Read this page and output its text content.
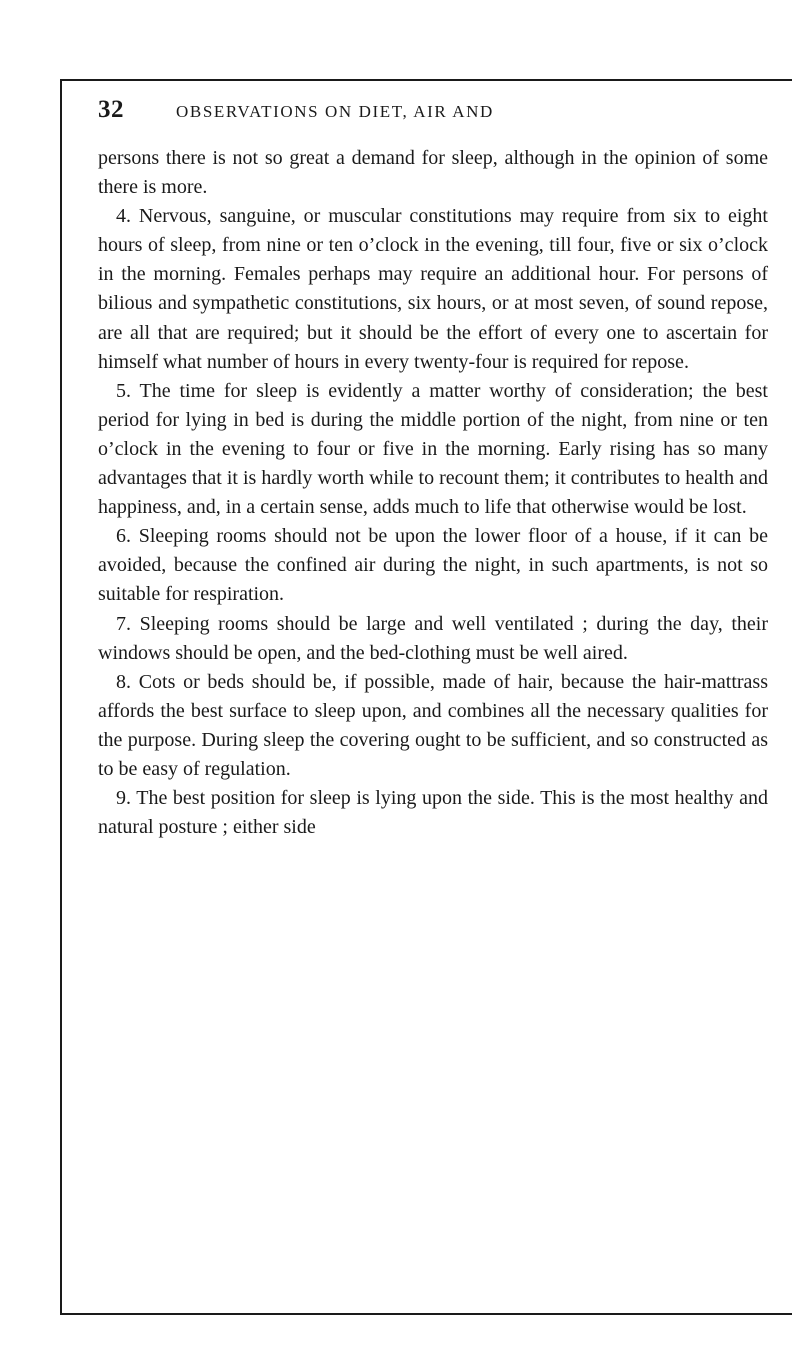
32	OBSERVATIONS ON DIET, AIR AND

persons there is not so great a demand for sleep, although in the opinion of some there is more.

4. Nervous, sanguine, or muscular constitutions may require from six to eight hours of sleep, from nine or ten o’clock in the evening, till four, five or six o’clock in the morning. Females perhaps may require an additional hour. For persons of bilious and sympathetic constitutions, six hours, or at most seven, of sound repose, are all that are required; but it should be the effort of every one to ascertain for himself what number of hours in every twenty-four is required for repose.

5. The time for sleep is evidently a matter worthy of consideration; the best period for lying in bed is during the middle portion of the night, from nine or ten o’clock in the evening to four or five in the morning. Early rising has so many advantages that it is hardly worth while to recount them; it contributes to health and happiness, and, in a certain sense, adds much to life that otherwise would be lost.

6. Sleeping rooms should not be upon the lower floor of a house, if it can be avoided, because the confined air during the night, in such apartments, is not so suitable for respiration.

7. Sleeping rooms should be large and well ventilated ; during the day, their windows should be open, and the bed-clothing must be well aired.

8. Cots or beds should be, if possible, made of hair, because the hair-mattrass affords the best surface to sleep upon, and combines all the necessary qualities for the purpose. During sleep the covering ought to be sufficient, and so constructed as to be easy of regulation.

9. The best position for sleep is lying upon the side. This is the most healthy and natural posture ; either side
